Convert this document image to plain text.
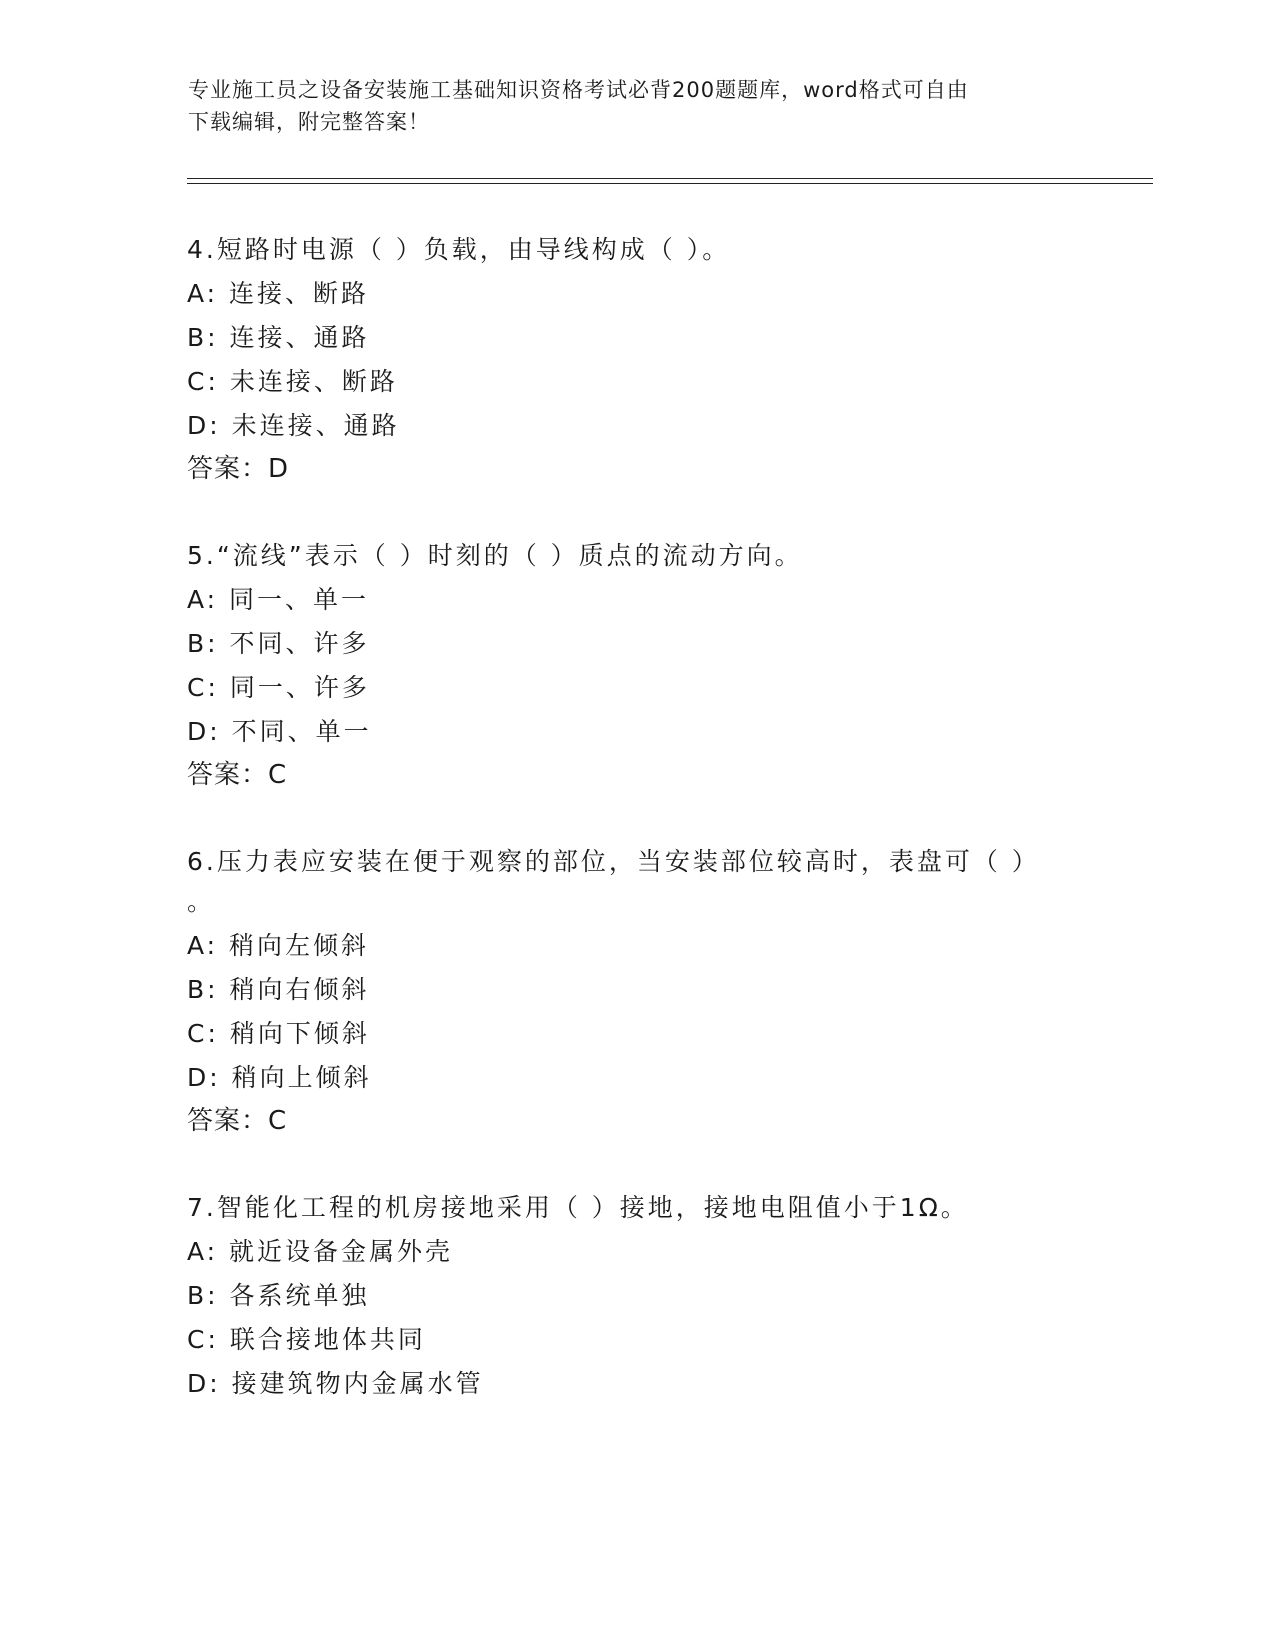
专业施工员之设备安装施工基础知识资格考试必背200题题库，word格式可自由
下载编辑，附完整答案！
4.短路时电源（ ）负载，由导线构成（ ）。
A: 连接、断路
B: 连接、通路
C: 未连接、断路
D: 未连接、通路
答案：D
5.“流线”表示（ ）时刻的（ ）质点的流动方向。
A: 同一、单一
B: 不同、许多
C: 同一、许多
D: 不同、单一
答案：C
6.压力表应安装在便于观察的部位，当安装部位较高时，表盘可（ ）
。
A: 稍向左倾斜
B: 稍向右倾斜
C: 稍向下倾斜
D: 稍向上倾斜
答案：C
7.智能化工程的机房接地采用（ ）接地，接地电阻值小于1Ω。
A: 就近设备金属外壳
B: 各系统单独
C: 联合接地体共同
D: 接建筑物内金属水管
